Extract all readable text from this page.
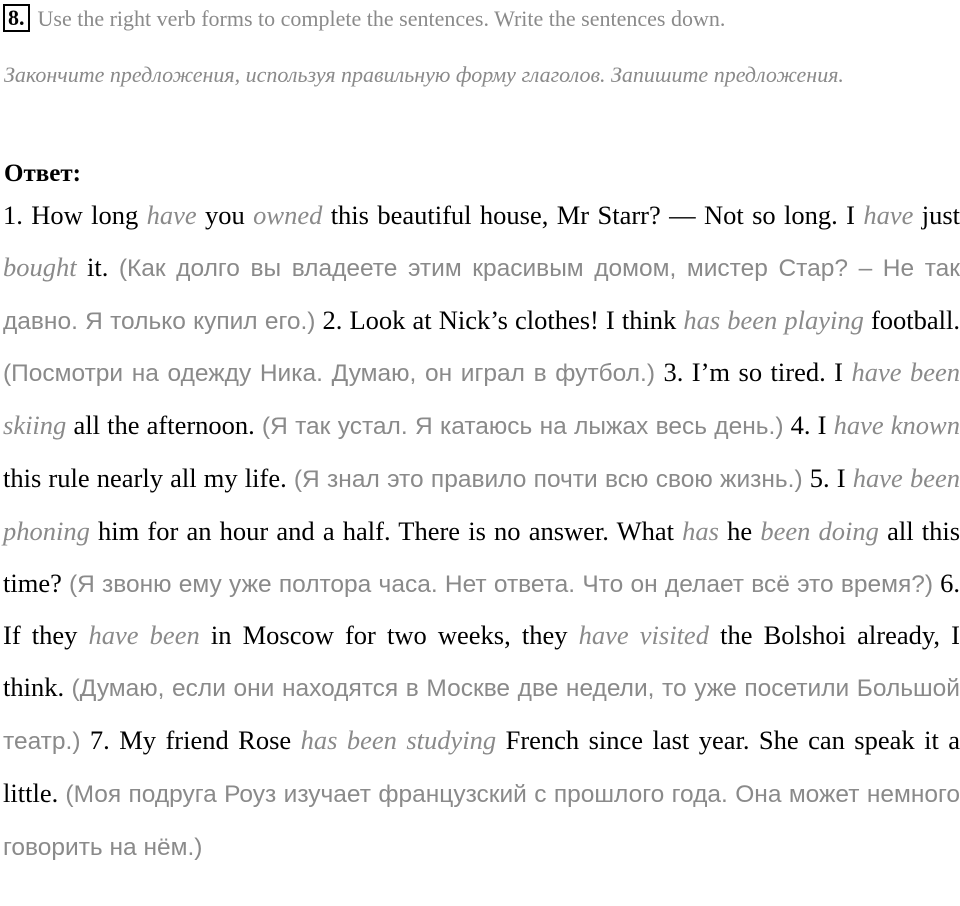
8. Use the right verb forms to complete the sentences. Write the sentences down.
Закончите предложения, используя правильную форму глаголов. Запишите предложения.
Ответ:
1. How long have you owned this beautiful house, Mr Starr? — Not so long. I have just bought it. (Как долго вы владеете этим красивым домом, мистер Стар? – Не так давно. Я только купил его.) 2. Look at Nick’s clothes! I think has been playing football. (Посмотри на одежду Ника. Думаю, он играл в футбол.) 3. I’m so tired. I have been skiing all the afternoon. (Я так устал. Я катаюсь на лыжах весь день.) 4. I have known this rule nearly all my life. (Я знал это правило почти всю свою жизнь.) 5. I have been phoning him for an hour and a half. There is no answer. What has he been doing all this time? (Я звоню ему уже полтора часа. Нет ответа. Что он делает всё это время?) 6. If they have been in Moscow for two weeks, they have visited the Bolshoi already, I think. (Думаю, если они находятся в Москве две недели, то уже посетили Большой театр.) 7. My friend Rose has been studying French since last year. She can speak it a little. (Моя подруга Роуз изучает французский с прошлого года. Она может немного говорить на нём.)
